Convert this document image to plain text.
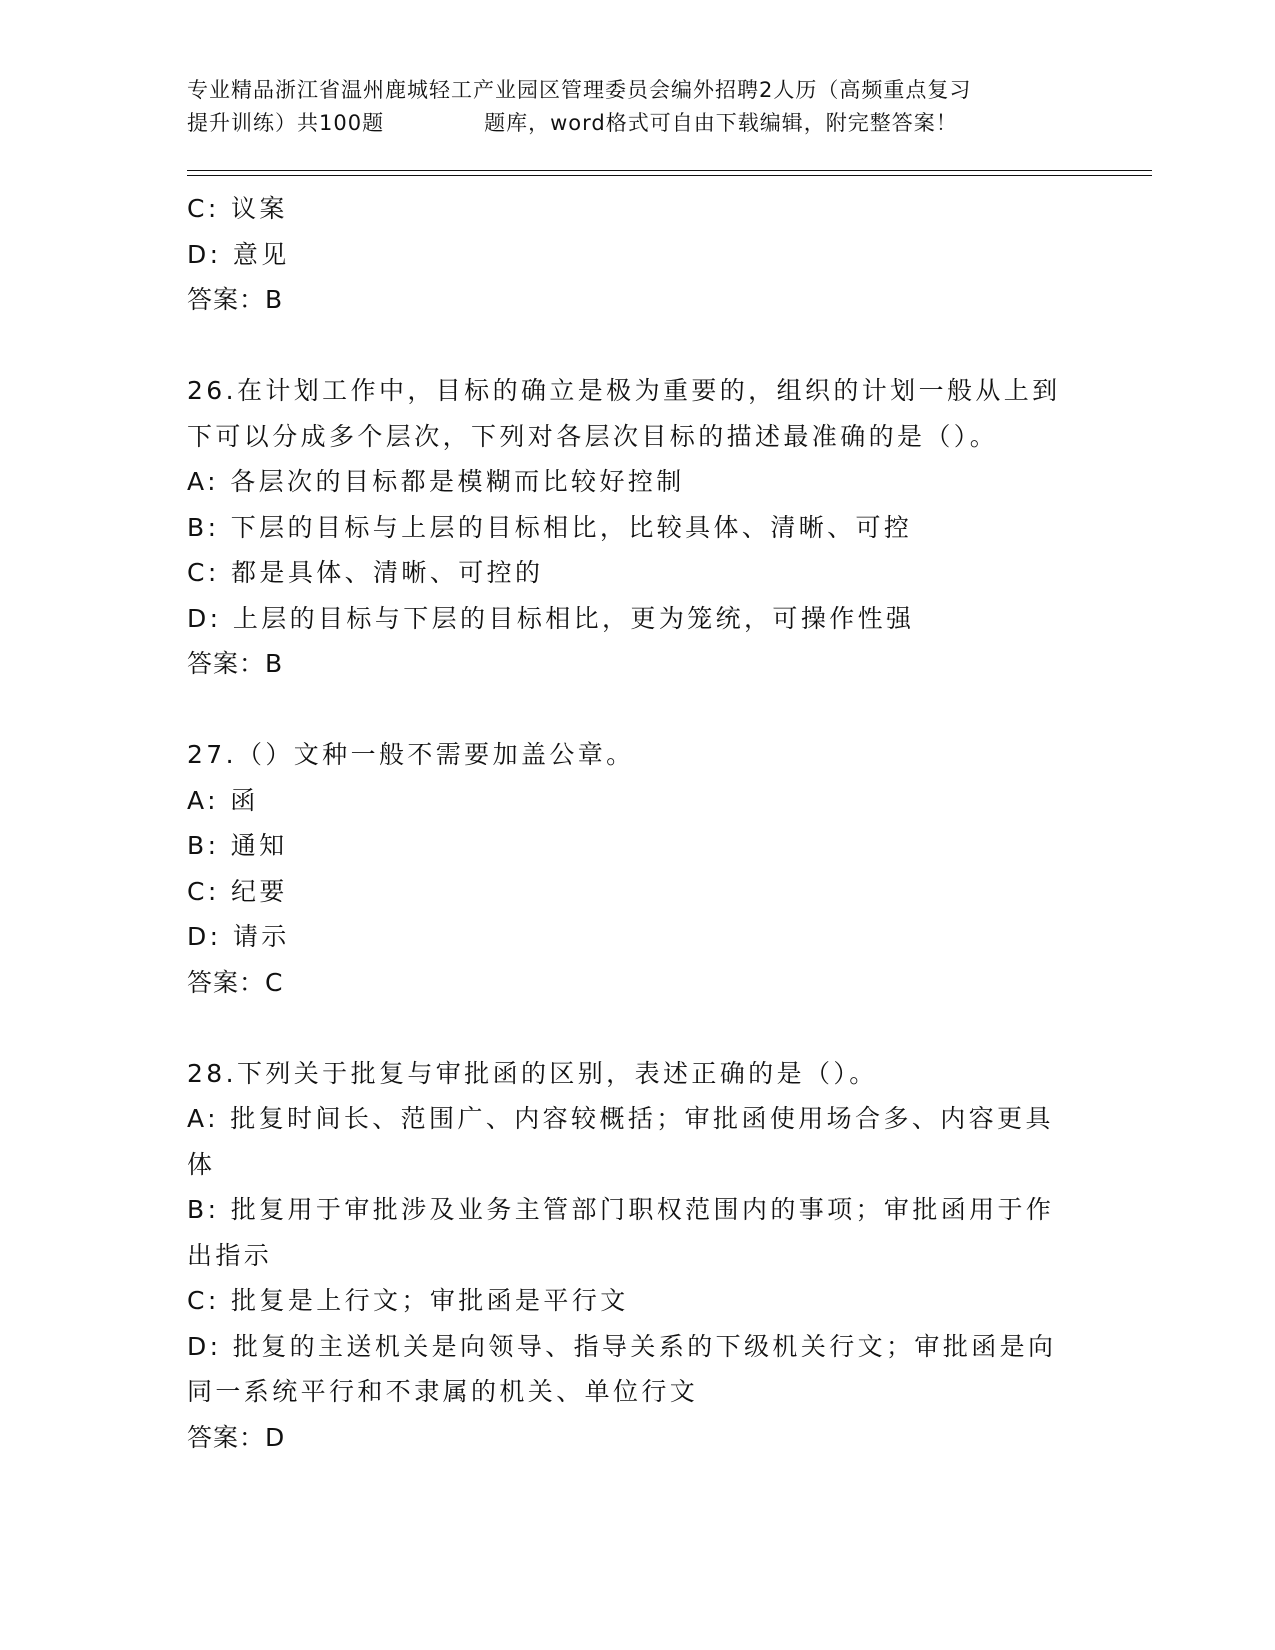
专业精品浙江省温州鹿城轻工产业园区管理委员会编外招聘2人历（高频重点复习
提升训练）共100题	题库，word格式可自由下载编辑，附完整答案！
C: 议案
D: 意见
答案：B
26.在计划工作中，目标的确立是极为重要的，组织的计划一般从上到
下可以分成多个层次，下列对各层次目标的描述最准确的是（）。
A: 各层次的目标都是模糊而比较好控制
B: 下层的目标与上层的目标相比，比较具体、清晰、可控
C: 都是具体、清晰、可控的
D: 上层的目标与下层的目标相比，更为笼统，可操作性强
答案：B
27.（）文种一般不需要加盖公章。
A: 函
B: 通知
C: 纪要
D: 请示
答案：C
28.下列关于批复与审批函的区别，表述正确的是（）。
A: 批复时间长、范围广、内容较概括；审批函使用场合多、内容更具
体
B: 批复用于审批涉及业务主管部门职权范围内的事项；审批函用于作
出指示
C: 批复是上行文；审批函是平行文
D: 批复的主送机关是向领导、指导关系的下级机关行文；审批函是向
同一系统平行和不隶属的机关、单位行文
答案：D
